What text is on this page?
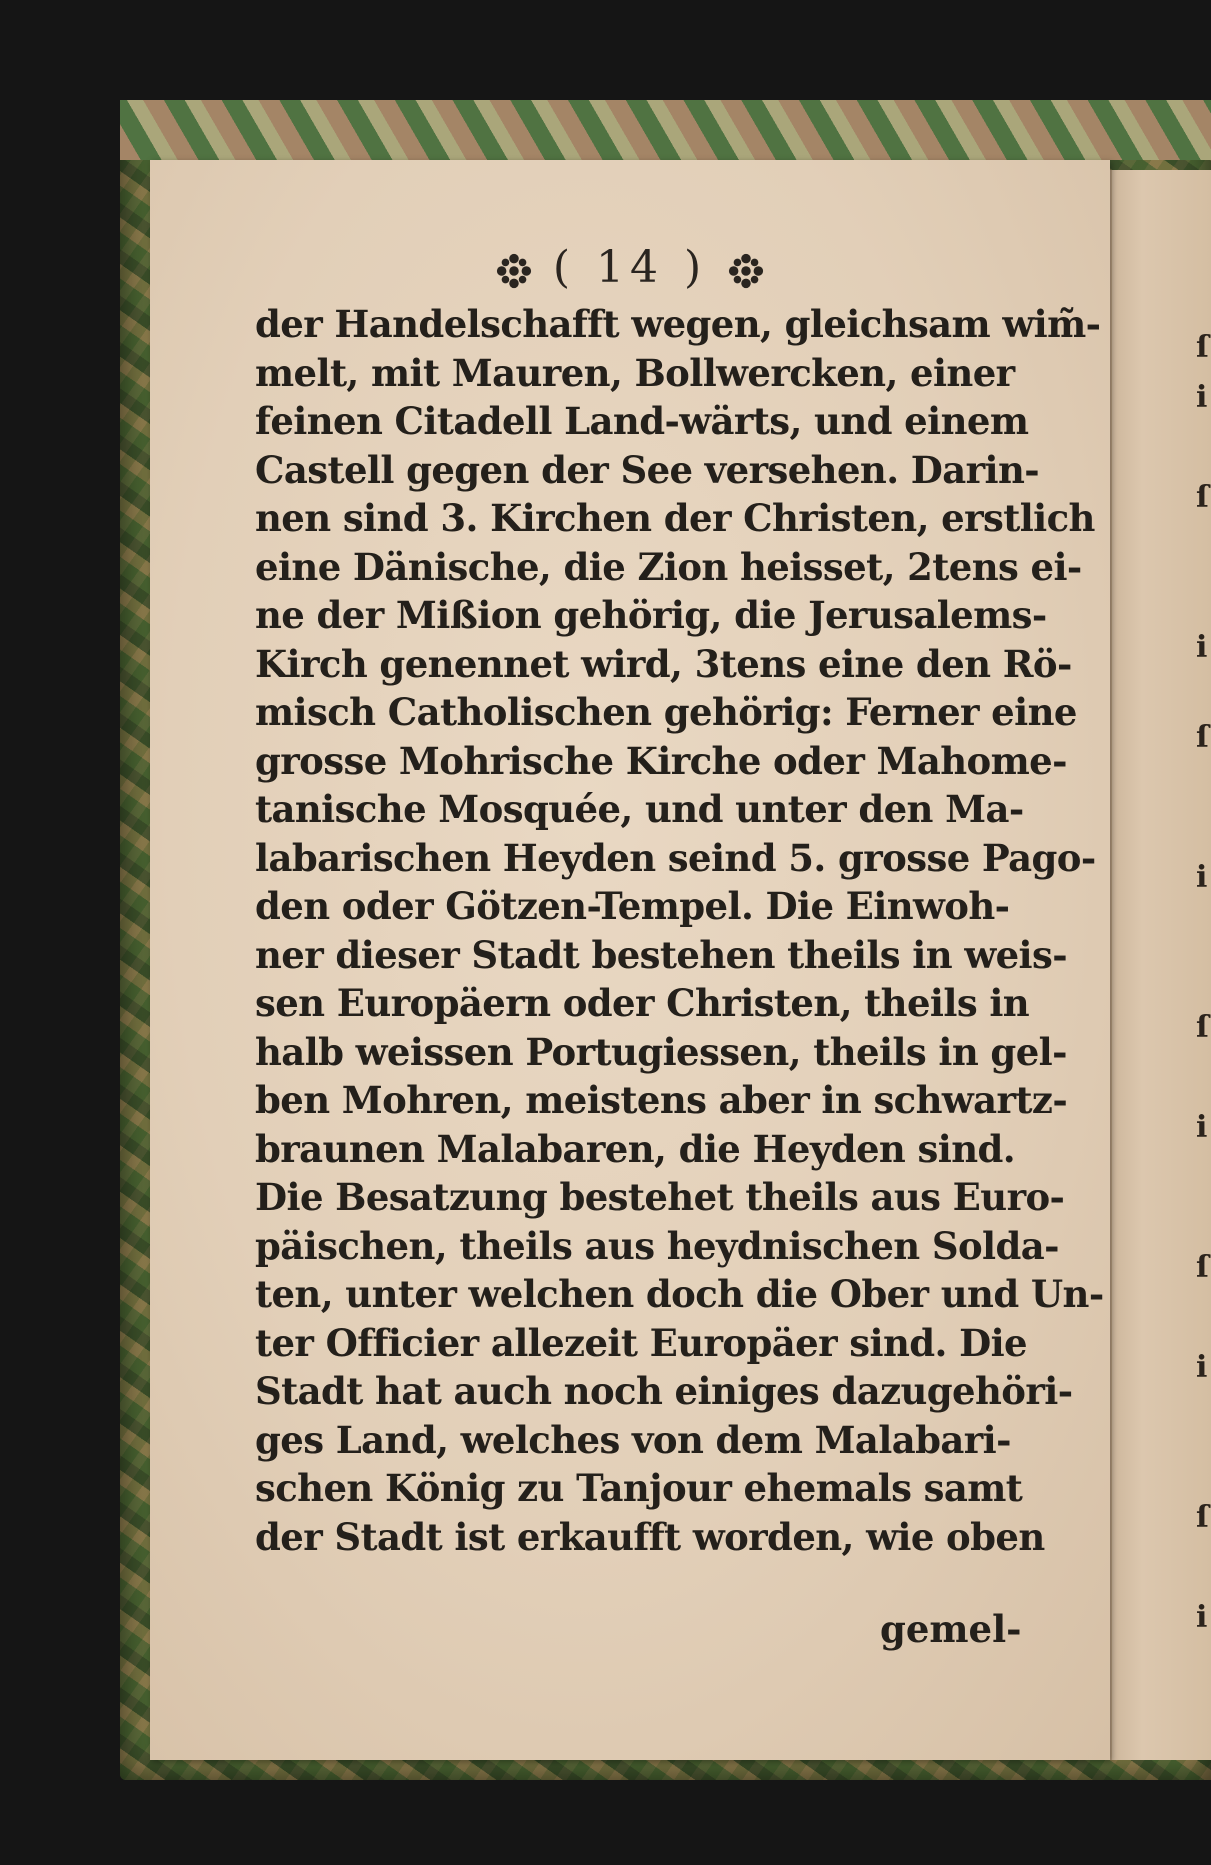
( 14 )
der Handelschafft wegen, gleichsam wim̃-
melt, mit Mauren, Bollwercken, einer
feinen Citadell Land-wärts, und einem
Castell gegen der See versehen. Darin-
nen sind 3. Kirchen der Christen, erstlich
eine Dänische, die Zion heisset, 2tens ei-
ne der Mißion gehörig, die Jerusalems-
Kirch genennet wird, 3tens eine den Rö-
misch Catholischen gehörig: Ferner eine
grosse Mohrische Kirche oder Mahome-
tanische Mosquée, und unter den Ma-
labarischen Heyden seind 5. grosse Pago-
den oder Götzen-Tempel. Die Einwoh-
ner dieser Stadt bestehen theils in weis-
sen Europäern oder Christen, theils in
halb weissen Portugiessen, theils in gel-
ben Mohren, meistens aber in schwartz-
braunen Malabaren, die Heyden sind.
Die Besatzung bestehet theils aus Euro-
päischen, theils aus heydnischen Solda-
ten, unter welchen doch die Ober und Un-
ter Officier allezeit Europäer sind. Die
Stadt hat auch noch einiges dazugehöri-
ges Land, welches von dem Malabari-
schen König zu Tanjour ehemals samt
der Stadt ist erkaufft worden, wie oben
gemel-
ſ
i
ſ
i
ſ
i
ſ
i
ſ
i
ſ
i
